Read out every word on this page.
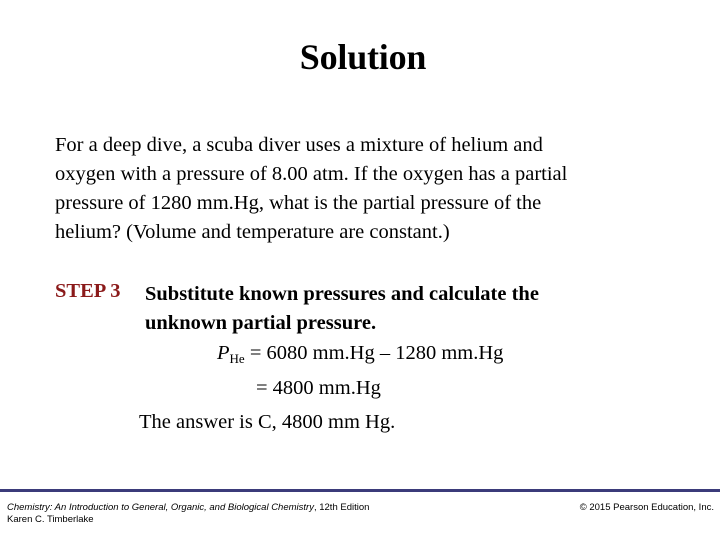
Solution
For a deep dive, a scuba diver uses a mixture of helium and
oxygen with a pressure of 8.00 atm. If the oxygen has a partial
pressure of 1280 mm.Hg, what is the partial pressure of the
helium? (Volume and temperature are constant.)
STEP 3 Substitute known pressures and calculate the
unknown partial pressure.
$P_{He} = 6080$ mm.Hg – 1280 mm.Hg
= 4800 mm.Hg
The answer is C, 4800 mm Hg.
Chemistry: An Introduction to General, Organic, and Biological Chemistry, 12th Edition
Karen C. Timberlake
© 2015 Pearson Education, Inc.
